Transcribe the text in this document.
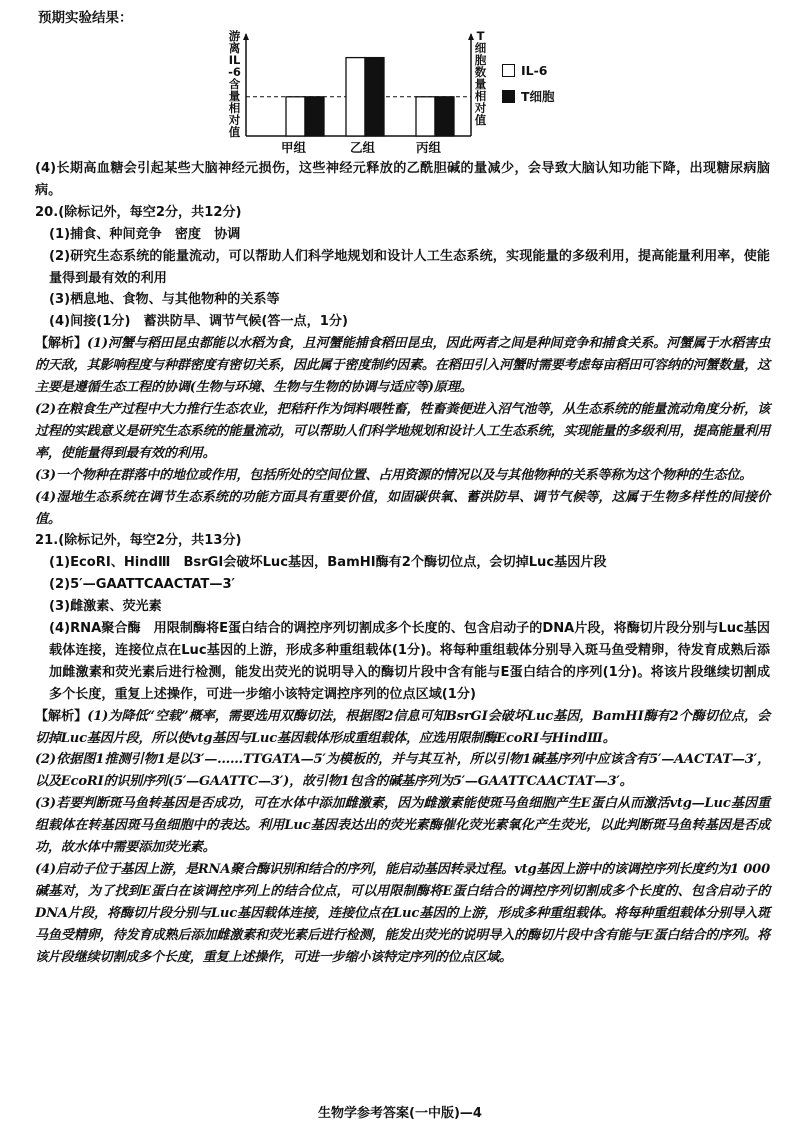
预期实验结果：
游离IL-6含量相对值
T细胞数量相对值
IL-6
T细胞
甲组	乙组	丙组

(4)长期高血糖会引起某些大脑神经元损伤，这些神经元释放的乙酰胆碱的量减少，会导致大脑认知功能下降，出现糖尿病脑病。

20.(除标记外，每空2分，共12分)

(1)捕食、种间竞争　密度　协调

(2)研究生态系统的能量流动，可以帮助人们科学地规划和设计人工生态系统，实现能量的多级利用，提高能量利用率，使能量得到最有效的利用

(3)栖息地、食物、与其他物种的关系等

(4)间接(1分)　蓄洪防旱、调节气候(答一点，1分)

【解析】(1)河蟹与稻田昆虫都能以水稻为食，且河蟹能捕食稻田昆虫，因此两者之间是种间竞争和捕食关系。河蟹属于水稻害虫的天敌，其影响程度与种群密度有密切关系，因此属于密度制约因素。在稻田引入河蟹时需要考虑每亩稻田可容纳的河蟹数量，这主要是遵循生态工程的协调(生物与环境、生物与生物的协调与适应等)原理。

(2)在粮食生产过程中大力推行生态农业，把秸秆作为饲料喂牲畜，牲畜粪便进入沼气池等，从生态系统的能量流动角度分析，该过程的实践意义是研究生态系统的能量流动，可以帮助人们科学地规划和设计人工生态系统，实现能量的多级利用，提高能量利用率，使能量得到最有效的利用。

(3)一个物种在群落中的地位或作用，包括所处的空间位置、占用资源的情况以及与其他物种的关系等称为这个物种的生态位。

(4)湿地生态系统在调节生态系统的功能方面具有重要价值，如固碳供氧、蓄洪防旱、调节气候等，这属于生物多样性的间接价值。

21.(除标记外，每空2分，共13分)

(1)EcoRⅠ、HindⅢ　BsrGⅠ会破坏Luc基因，BamHⅠ酶有2个酶切位点，会切掉Luc基因片段

(2)5′—GAATTCAACTAT—3′

(3)雌激素、荧光素

(4)RNA聚合酶　用限制酶将E蛋白结合的调控序列切割成多个长度的、包含启动子的DNA片段，将酶切片段分别与Luc基因载体连接，连接位点在Luc基因的上游，形成多种重组载体(1分)。将每种重组载体分别导入斑马鱼受精卵，待发育成熟后添加雌激素和荧光素后进行检测，能发出荧光的说明导入的酶切片段中含有能与E蛋白结合的序列(1分)。将该片段继续切割成多个长度，重复上述操作，可进一步缩小该特定调控序列的位点区域(1分)

【解析】(1)为降低“空载”概率，需要选用双酶切法，根据图2信息可知BsrGⅠ会破坏Luc基因，BamHⅠ酶有2个酶切位点，会切掉Luc基因片段，所以使vtg基因与Luc基因载体形成重组载体，应选用限制酶EcoRⅠ与HindⅢ。

(2)依据图1推测引物1是以3′—……TTGATA—5′为模板的，并与其互补，所以引物1碱基序列中应该含有5′—AACTAT—3′，以及EcoRⅠ的识别序列(5′—GAATTC—3′)，故引物1包含的碱基序列为5′—GAATTCAACTAT—3′。

(3)若要判断斑马鱼转基因是否成功，可在水体中添加雌激素，因为雌激素能使斑马鱼细胞产生E蛋白从而激活vtg—Luc基因重组载体在转基因斑马鱼细胞中的表达。利用Luc基因表达出的荧光素酶催化荧光素氧化产生荧光，以此判断斑马鱼转基因是否成功，故水体中需要添加荧光素。

(4)启动子位于基因上游，是RNA聚合酶识别和结合的序列，能启动基因转录过程。vtg基因上游中的该调控序列长度约为1 000碱基对，为了找到E蛋白在该调控序列上的结合位点，可以用限制酶将E蛋白结合的调控序列切割成多个长度的、包含启动子的DNA片段，将酶切片段分别与Luc基因载体连接，连接位点在Luc基因的上游，形成多种重组载体。将每种重组载体分别导入斑马鱼受精卵，待发育成熟后添加雌激素和荧光素后进行检测，能发出荧光的说明导入的酶切片段中含有能与E蛋白结合的序列。将该片段继续切割成多个长度，重复上述操作，可进一步缩小该特定序列的位点区域。

生物学参考答案(一中版)—4
